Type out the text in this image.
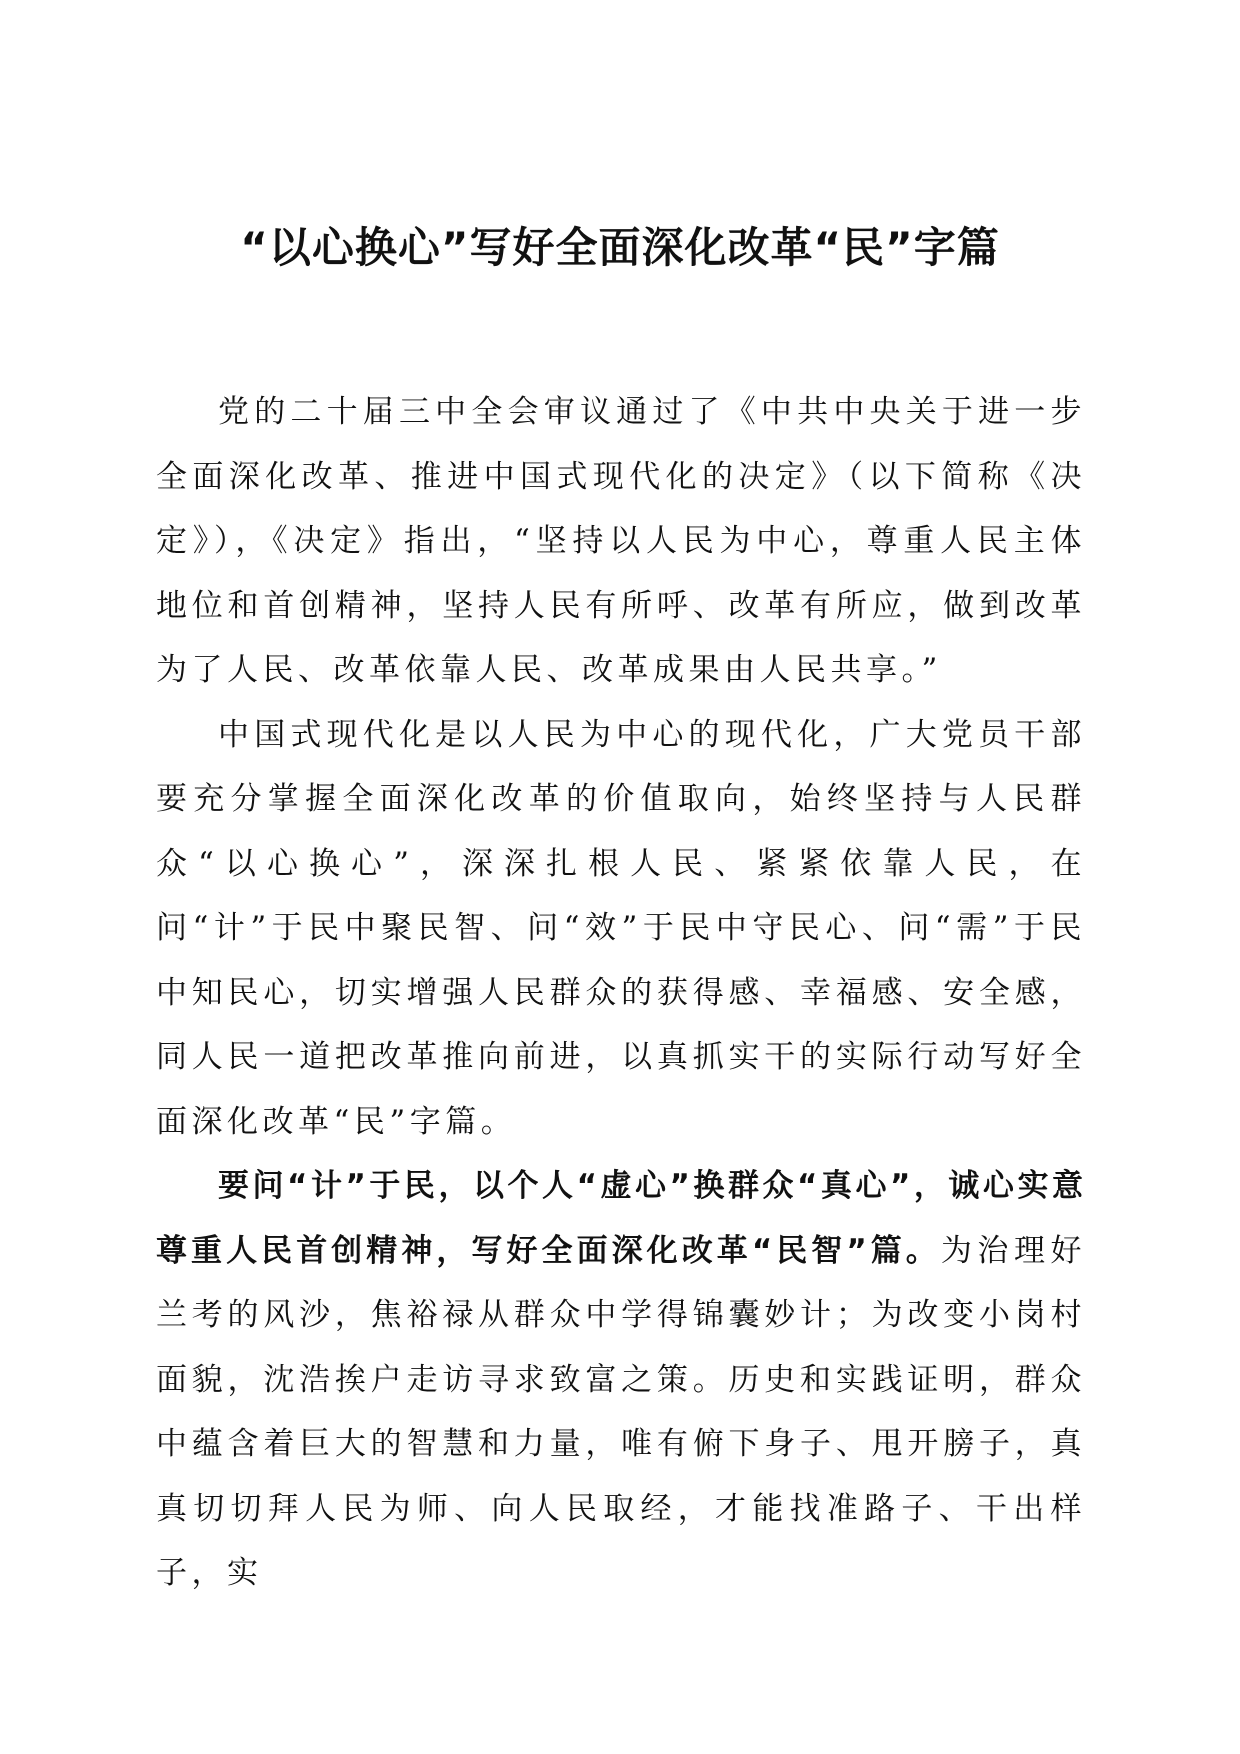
“以心换心”写好全面深化改革“民”字篇

党的二十届三中全会审议通过了《中共中央关于进一步全面深化改革、推进中国式现代化的决定》（以下简称《决定》），《决定》指出，“坚持以人民为中心，尊重人民主体地位和首创精神，坚持人民有所呼、改革有所应，做到改革为了人民、改革依靠人民、改革成果由人民共享。”

中国式现代化是以人民为中心的现代化，广大党员干部要充分掌握全面深化改革的价值取向，始终坚持与人民群众“以心换心”，深深扎根人民、紧紧依靠人民，在问“计”于民中聚民智、问“效”于民中守民心、问“需”于民中知民心，切实增强人民群众的获得感、幸福感、安全感，同人民一道把改革推向前进，以真抓实干的实际行动写好全面深化改革“民”字篇。

要问“计”于民，以个人“虚心”换群众“真心”，诚心实意尊重人民首创精神，写好全面深化改革“民智”篇。为治理好兰考的风沙，焦裕禄从群众中学得锦囊妙计；为改变小岗村面貌，沈浩挨户走访寻求致富之策。历史和实践证明，群众中蕴含着巨大的智慧和力量，唯有俯下身子、甩开膀子，真真切切拜人民为师、向人民取经，才能找准路子、干出样子，实
